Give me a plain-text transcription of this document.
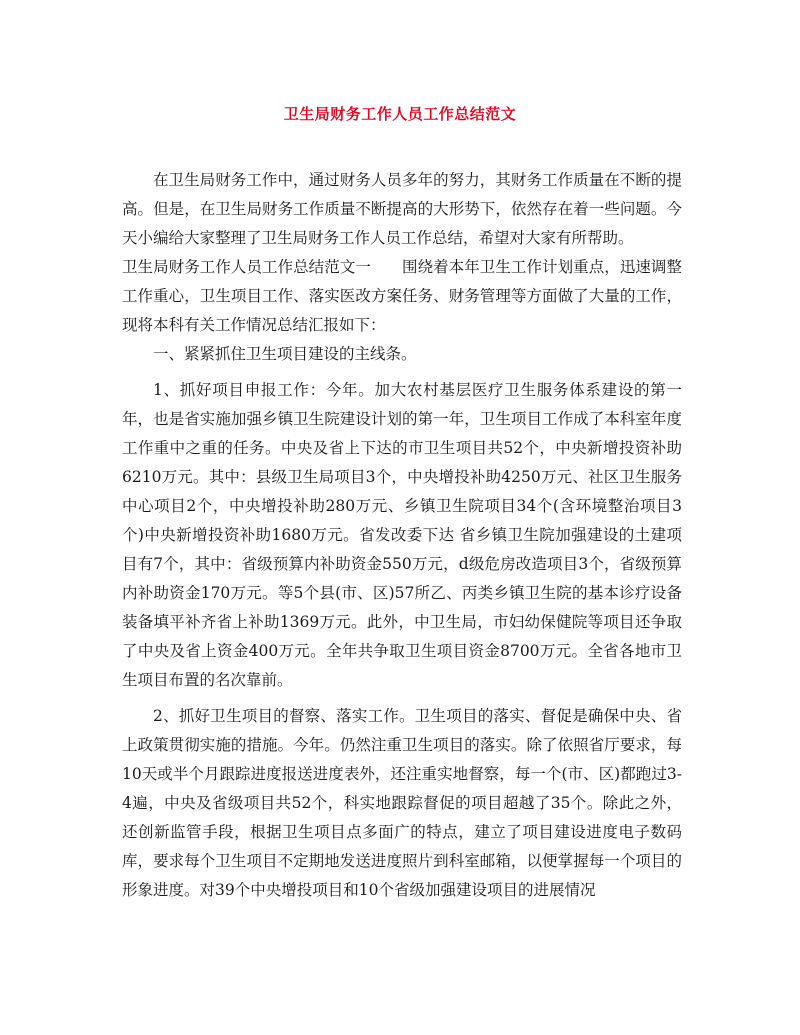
卫生局财务工作人员工作总结范文

在卫生局财务工作中，通过财务人员多年的努力，其财务工作质量在不断的提高。但是，在卫生局财务工作质量不断提高的大形势下，依然存在着一些问题。今天小编给大家整理了卫生局财务工作人员工作总结，希望对大家有所帮助。

卫生局财务工作人员工作总结范文一　　围绕着本年卫生工作计划重点，迅速调整工作重心，卫生项目工作、落实医改方案任务、财务管理等方面做了大量的工作，现将本科有关工作情况总结汇报如下：

一、紧紧抓住卫生项目建设的主线条。

1、抓好项目申报工作：今年。加大农村基层医疗卫生服务体系建设的第一年，也是省实施加强乡镇卫生院建设计划的第一年，卫生项目工作成了本科室年度工作重中之重的任务。中央及省上下达的市卫生项目共52个，中央新增投资补助6210万元。其中：县级卫生局项目3个，中央增投补助4250万元、社区卫生服务中心项目2个，中央增投补助280万元、乡镇卫生院项目34个(含环境整治项目3个)中央新增投资补助1680万元。省发改委下达 省乡镇卫生院加强建设的土建项目有7个，其中：省级预算内补助资金550万元，d级危房改造项目3个，省级预算内补助资金170万元。等5个县(市、区)57所乙、丙类乡镇卫生院的基本诊疗设备装备填平补齐省上补助1369万元。此外，中卫生局，市妇幼保健院等项目还争取了中央及省上资金400万元。全年共争取卫生项目资金8700万元。全省各地市卫生项目布置的名次靠前。

2、抓好卫生项目的督察、落实工作。卫生项目的落实、督促是确保中央、省上政策贯彻实施的措施。今年。仍然注重卫生项目的落实。除了依照省厅要求，每10天或半个月跟踪进度报送进度表外，还注重实地督察，每一个(市、区)都跑过3-4遍，中央及省级项目共52个，科实地跟踪督促的项目超越了35个。除此之外，还创新监管手段，根据卫生项目点多面广的特点，建立了项目建设进度电子数码库，要求每个卫生项目不定期地发送进度照片到科室邮箱，以便掌握每一个项目的形象进度。对39个中央增投项目和10个省级加强建设项目的进展情况
